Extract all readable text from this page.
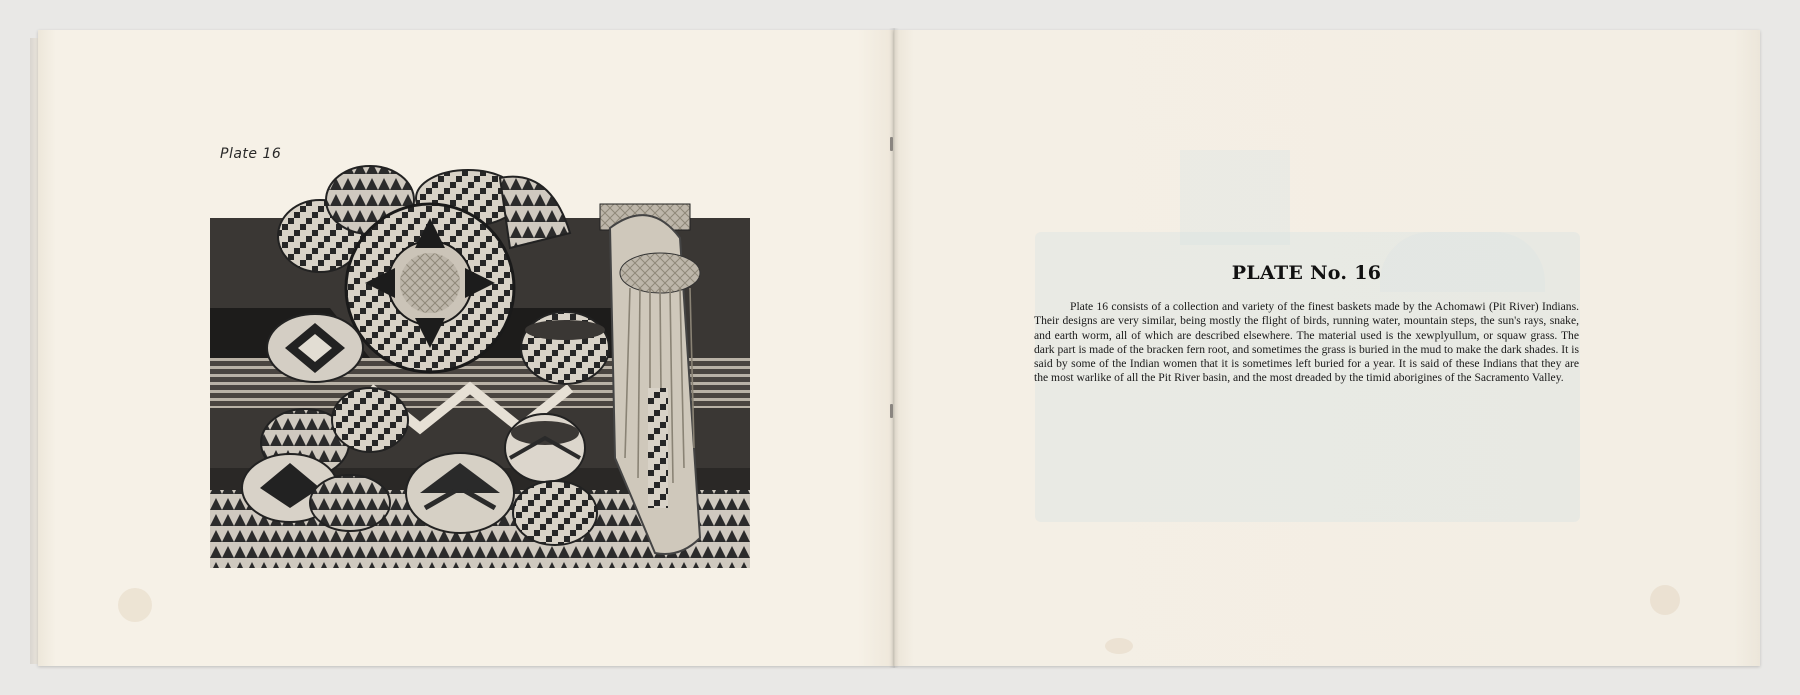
Plate 16
PLATE No. 16

Plate 16 consists of a collection and variety of the finest baskets made by the Achomawi (Pit River) Indians. Their designs are very similar, being mostly the flight of birds, running water, mountain steps, the sun's rays, snake, and earth worm, all of which are described elsewhere. The material used is the xewplyullum, or squaw grass. The dark part is made of the bracken fern root, and sometimes the grass is buried in the mud to make the dark shades. It is said by some of the Indian women that it is sometimes left buried for a year. It is said of these Indians that they are the most warlike of all the Pit River basin, and the most dreaded by the timid aborigines of the Sacramento Valley.
